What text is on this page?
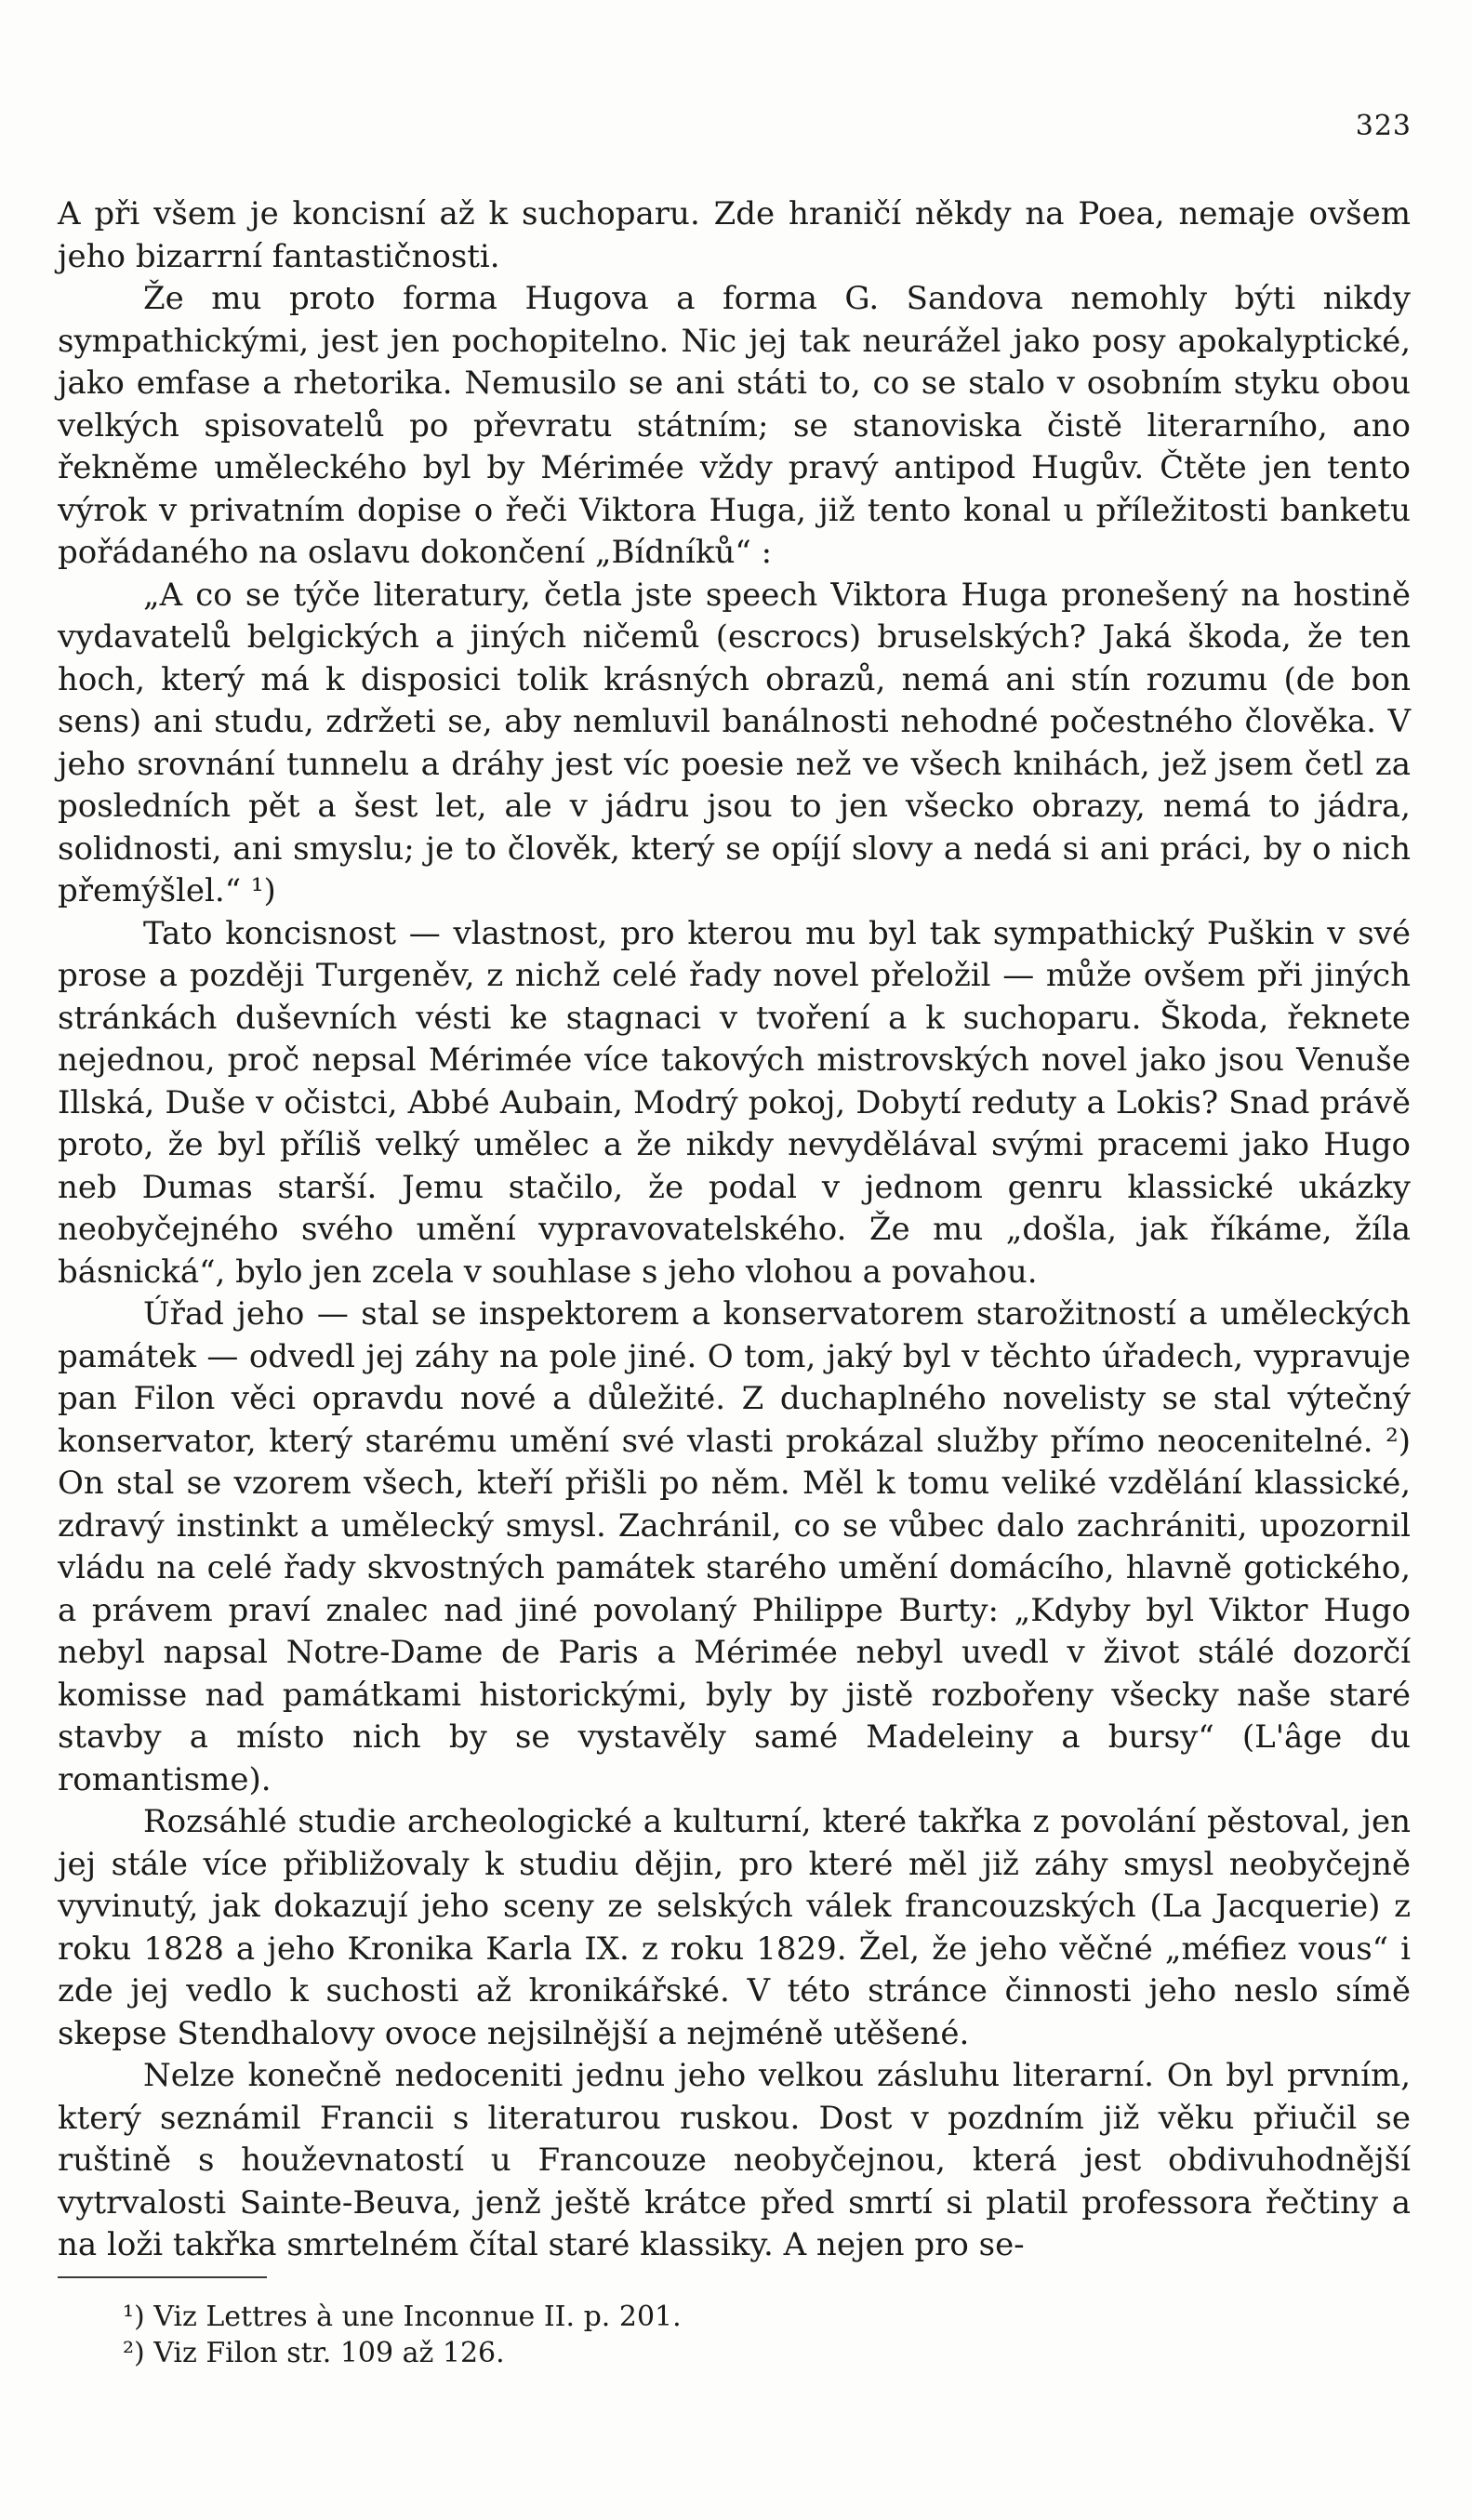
323

A při všem je koncisní až k suchoparu. Zde hraničí někdy na Poea, nemaje ovšem jeho bizarrní fantastičnosti.

Že mu proto forma Hugova a forma G. Sandova nemohly býti nikdy sympathickými, jest jen pochopitelno. Nic jej tak neurážel jako posy apokalyptické, jako emfase a rhetorika. Nemusilo se ani státi to, co se stalo v osobním styku obou velkých spisovatelů po převratu státním; se stanoviska čistě literarního, ano řekněme uměleckého byl by Mérimée vždy pravý antipod Hugův. Čtěte jen tento výrok v privatním dopise o řeči Viktora Huga, již tento konal u příležitosti banketu pořádaného na oslavu dokončení „Bídníků“ :

„A co se týče literatury, četla jste speech Viktora Huga pronešený na hostině vydavatelů belgických a jiných ničemů (escrocs) bruselských? Jaká škoda, že ten hoch, který má k disposici tolik krásných obrazů, nemá ani stín rozumu (de bon sens) ani studu, zdržeti se, aby nemluvil banálnosti nehodné počestného člověka. V jeho srovnání tunnelu a dráhy jest víc poesie než ve všech knihách, jež jsem četl za posledních pět a šest let, ale v jádru jsou to jen všecko obrazy, nemá to jádra, solidnosti, ani smyslu; je to člověk, který se opíjí slovy a nedá si ani práci, by o nich přemýšlel.“ ¹)

Tato koncisnost — vlastnost, pro kterou mu byl tak sympathický Puškin v své prose a později Turgeněv, z nichž celé řady novel přeložil — může ovšem při jiných stránkách duševních vésti ke stagnaci v tvoření a k suchoparu. Škoda, řeknete nejednou, proč nepsal Mérimée více takových mistrovských novel jako jsou Venuše Illská, Duše v očistci, Abbé Aubain, Modrý pokoj, Dobytí reduty a Lokis? Snad právě proto, že byl příliš velký umělec a že nikdy nevydělával svými pracemi jako Hugo neb Dumas starší. Jemu stačilo, že podal v jednom genru klassické ukázky neobyčejného svého umění vypravovatelského. Že mu „došla, jak říkáme, žíla básnická“, bylo jen zcela v souhlase s jeho vlohou a povahou.

Úřad jeho — stal se inspektorem a konservatorem starožitností a uměleckých památek — odvedl jej záhy na pole jiné. O tom, jaký byl v těchto úřadech, vypravuje pan Filon věci opravdu nové a důležité. Z duchaplného novelisty se stal výtečný konservator, který starému umění své vlasti prokázal služby přímo neocenitelné. ²) On stal se vzorem všech, kteří přišli po něm. Měl k tomu veliké vzdělání klassické, zdravý instinkt a umělecký smysl. Zachránil, co se vůbec dalo zachrániti, upozornil vládu na celé řady skvostných památek starého umění domácího, hlavně gotického, a právem praví znalec nad jiné povolaný Philippe Burty: „Kdyby byl Viktor Hugo nebyl napsal Notre-Dame de Paris a Mérimée nebyl uvedl v život stálé dozorčí komisse nad památkami historickými, byly by jistě rozbořeny všecky naše staré stavby a místo nich by se vystavěly samé Madeleiny a bursy“ (L'âge du romantisme).

Rozsáhlé studie archeologické a kulturní, které takřka z povolání pěstoval, jen jej stále více přibližovaly k studiu dějin, pro které měl již záhy smysl neobyčejně vyvinutý, jak dokazují jeho sceny ze selských válek francouzských (La Jacquerie) z roku 1828 a jeho Kronika Karla IX. z roku 1829. Žel, že jeho věčné „méfiez vous“ i zde jej vedlo k suchosti až kronikářské. V této stránce činnosti jeho neslo símě skepse Stendhalovy ovoce nejsilnější a nejméně utěšené.

Nelze konečně nedoceniti jednu jeho velkou zásluhu literarní. On byl prvním, který seznámil Francii s literaturou ruskou. Dost v pozdním již věku přiučil se ruštině s houževnatostí u Francouze neobyčejnou, která jest obdivuhodnější vytrvalosti Sainte-Beuva, jenž ještě krátce před smrtí si platil professora řečtiny a na loži takřka smrtelném čítal staré klassiky. A nejen pro se-

¹) Viz Lettres à une Inconnue II. p. 201.

²) Viz Filon str. 109 až 126.
